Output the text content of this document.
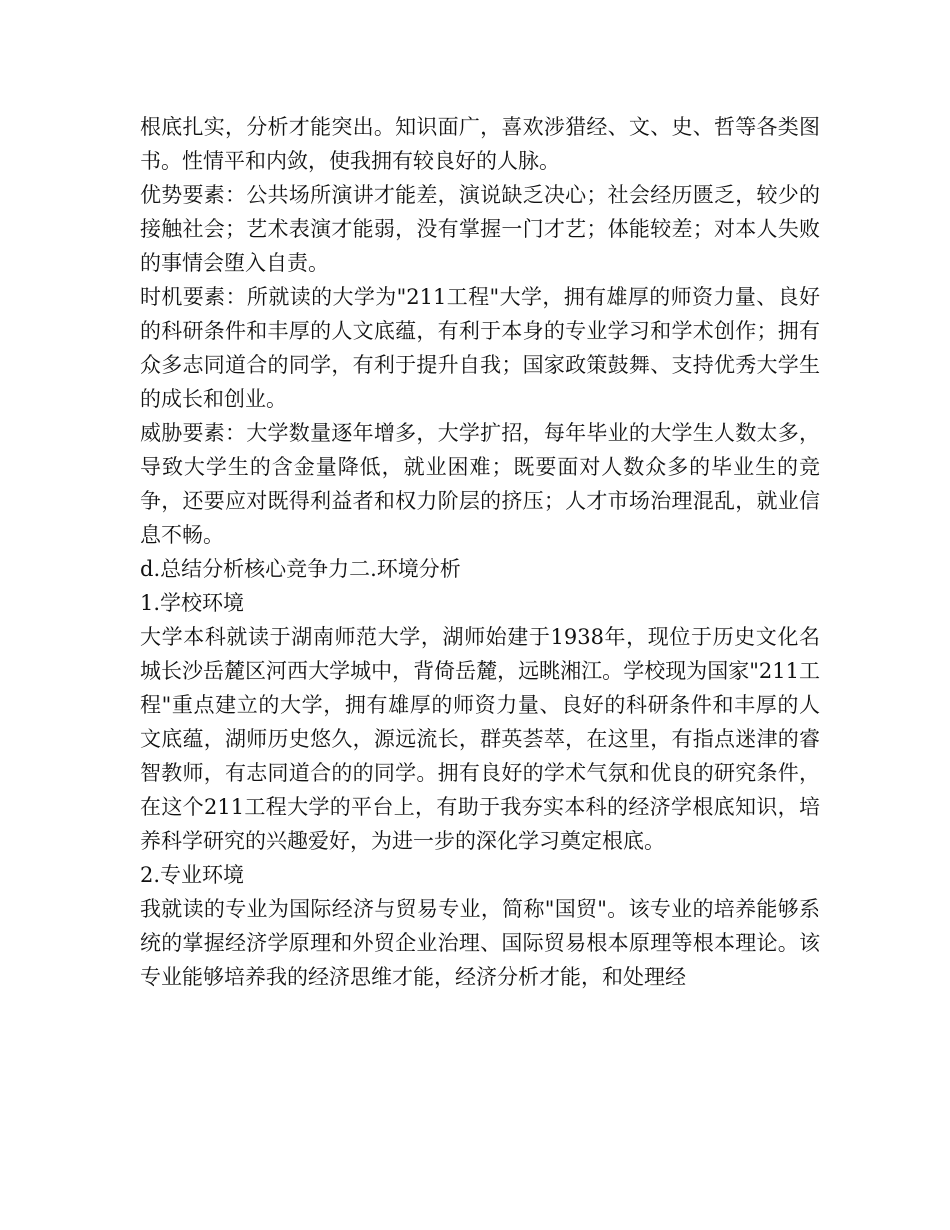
根底扎实，分析才能突出。知识面广，喜欢涉猎经、文、史、哲等各类图书。性情平和内敛，使我拥有较良好的人脉。

优势要素：公共场所演讲才能差，演说缺乏决心；社会经历匮乏，较少的接触社会；艺术表演才能弱，没有掌握一门才艺；体能较差；对本人失败的事情会堕入自责。

时机要素：所就读的大学为"211工程"大学，拥有雄厚的师资力量、良好的科研条件和丰厚的人文底蕴，有利于本身的专业学习和学术创作；拥有众多志同道合的同学，有利于提升自我；国家政策鼓舞、支持优秀大学生的成长和创业。

威胁要素：大学数量逐年增多，大学扩招，每年毕业的大学生人数太多，导致大学生的含金量降低，就业困难；既要面对人数众多的毕业生的竞争，还要应对既得利益者和权力阶层的挤压；人才市场治理混乱，就业信息不畅。

d.总结分析核心竞争力二.环境分析

1.学校环境

大学本科就读于湖南师范大学，湖师始建于1938年，现位于历史文化名城长沙岳麓区河西大学城中，背倚岳麓，远眺湘江。学校现为国家"211工程"重点建立的大学，拥有雄厚的师资力量、良好的科研条件和丰厚的人文底蕴，湖师历史悠久，源远流长，群英荟萃，在这里，有指点迷津的睿智教师，有志同道合的的同学。拥有良好的学术气氛和优良的研究条件，在这个211工程大学的平台上，有助于我夯实本科的经济学根底知识，培养科学研究的兴趣爱好，为进一步的深化学习奠定根底。

2.专业环境

我就读的专业为国际经济与贸易专业，简称"国贸"。该专业的培养能够系统的掌握经济学原理和外贸企业治理、国际贸易根本原理等根本理论。该专业能够培养我的经济思维才能，经济分析才能，和处理经
